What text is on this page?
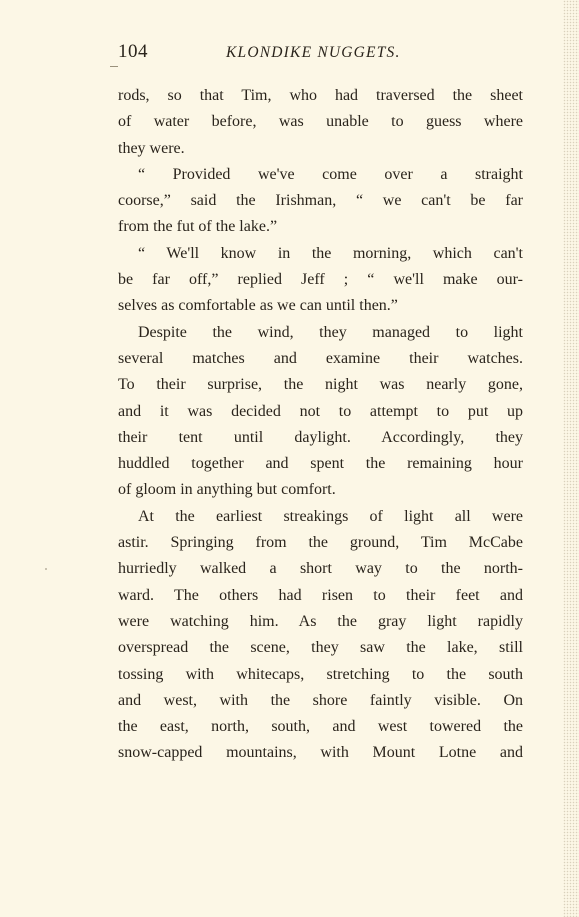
104	KLONDIKE NUGGETS.
rods, so that Tim, who had traversed the sheet
of water before, was unable to guess where
they were.
“ Provided we've come over a straight
coorse,” said the Irishman, “ we can't be far
from the fut of the lake.”
“ We'll know in the morning, which can't
be far off,” replied Jeff ; “ we'll make our-
selves as comfortable as we can until then.”
Despite the wind, they managed to light
several matches and examine their watches.
To their surprise, the night was nearly gone,
and it was decided not to attempt to put up
their tent until daylight. Accordingly, they
huddled together and spent the remaining hour
of gloom in anything but comfort.
At the earliest streakings of light all were
astir. Springing from the ground, Tim McCabe
hurriedly walked a short way to the north-
ward. The others had risen to their feet and
were watching him. As the gray light rapidly
overspread the scene, they saw the lake, still
tossing with whitecaps, stretching to the south
and west, with the shore faintly visible. On
the east, north, south, and west towered the
snow-capped mountains, with Mount Lotne and
